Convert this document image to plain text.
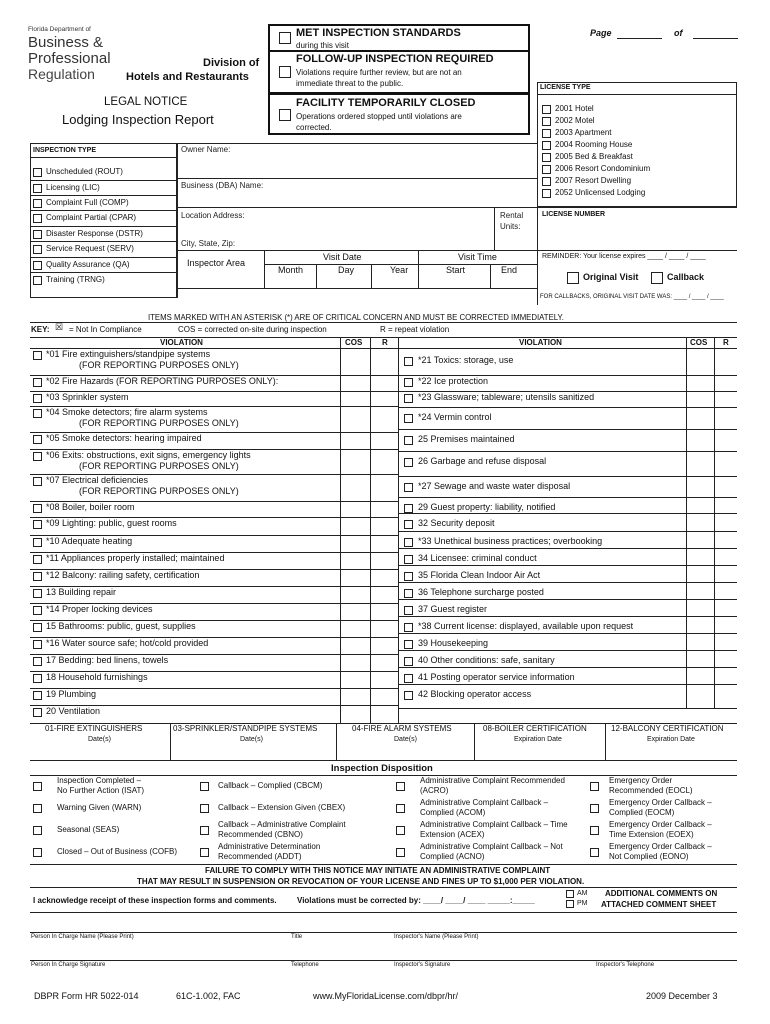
Florida Department of
Business &
Professional
Regulation
Division of
Hotels and Restaurants
LEGAL NOTICE
Lodging Inspection Report
MET INSPECTION STANDARDS
during this visit
FOLLOW-UP INSPECTION REQUIRED
Violations require further review, but are not an
immediate threat to the public.
FACILITY TEMPORARILY CLOSED
Operations ordered stopped until violations are
corrected.
Page	of
LICENSE TYPE
2001 Hotel
2002 Motel
2003 Apartment
2004 Rooming House
2005 Bed & Breakfast
2006 Resort Condominium
2007 Resort Dwelling
2052 Unlicensed Lodging
INSPECTION TYPE
Unscheduled (ROUT)
Licensing (LIC)
Complaint Full (COMP)
Complaint Partial (CPAR)
Disaster Response (DSTR)
Service Request (SERV)
Quality Assurance (QA)
Training (TRNG)
Owner Name:
Business (DBA) Name:
Location Address:	Rental
Units:
City, State, Zip:
LICENSE NUMBER
Inspector Area
Visit Date
Month	Day	Year
Visit Time
Start	End
REMINDER: Your license expires ____ / ____ / ____
Original Visit	Callback
FOR CALLBACKS, ORIGINAL VISIT DATE WAS: ____ / ____ / ____
ITEMS MARKED WITH AN ASTERISK (*) ARE OF CRITICAL CONCERN AND MUST BE CORRECTED IMMEDIATELY.
KEY: ☒ = Not In Compliance	COS = corrected on-site during inspection	R = repeat violation
VIOLATION	COS R	VIOLATION	COS R
*01 Fire extinguishers/standpipe systems
(FOR REPORTING PURPOSES ONLY)
*02 Fire Hazards (FOR REPORTING PURPOSES ONLY):
*03 Sprinkler system
*04 Smoke detectors; fire alarm systems
(FOR REPORTING PURPOSES ONLY)
*05 Smoke detectors: hearing impaired
*06 Exits: obstructions, exit signs, emergency lights
(FOR REPORTING PURPOSES ONLY)
*07 Electrical deficiencies
(FOR REPORTING PURPOSES ONLY)
*08 Boiler, boiler room
*09 Lighting: public, guest rooms
*10 Adequate heating
*11 Appliances properly installed; maintained
*12 Balcony: railing safety, certification
13 Building repair
*14 Proper locking devices
15 Bathrooms: public, guest, supplies
*16 Water source safe; hot/cold provided
17 Bedding: bed linens, towels
18 Household furnishings
19 Plumbing
20 Ventilation
*21 Toxics: storage, use
*22 Ice protection
*23 Glassware; tableware; utensils sanitized
*24 Vermin control
25 Premises maintained
26 Garbage and refuse disposal
*27 Sewage and waste water disposal
29 Guest property: liability, notified
32 Security deposit
*33 Unethical business practices; overbooking
34 Licensee: criminal conduct
35 Florida Clean Indoor Air Act
36 Telephone surcharge posted
37 Guest register
*38 Current license: displayed, available upon request
39 Housekeeping
40 Other conditions: safe, sanitary
41 Posting operator service information
42 Blocking operator access
01-FIRE EXTINGUISHERS
Date(s)
03-SPRINKLER/STANDPIPE SYSTEMS
Date(s)
04-FIRE ALARM SYSTEMS
Date(s)
08-BOILER CERTIFICATION
Expiration Date
12-BALCONY CERTIFICATION
Expiration Date
Inspection Disposition
Inspection Completed –
No Further Action (ISAT)
Warning Given (WARN)
Seasonal (SEAS)
Closed – Out of Business (COFB)
Callback – Complied (CBCM)
Callback – Extension Given (CBEX)
Callback – Administrative Complaint
Recommended (CBNO)
Administrative Determination
Recommended (ADDT)
Administrative Complaint Recommended
(ACRO)
Administrative Complaint Callback –
Complied (ACOM)
Administrative Complaint Callback – Time
Extension (ACEX)
Administrative Complaint Callback – Not
Complied (ACNO)
Emergency Order
Recommended (EOCL)
Emergency Order Callback –
Complied (EOCM)
Emergency Order Callback –
Time Extension (EOEX)
Emergency Order Callback –
Not Complied (EONO)
FAILURE TO COMPLY WITH THIS NOTICE MAY INITIATE AN ADMINISTRATIVE COMPLAINT
THAT MAY RESULT IN SUSPENSION OR REVOCATION OF YOUR LICENSE AND FINES UP TO $1,000 PER VIOLATION.
I acknowledge receipt of these inspection forms and comments.	Violations must be corrected by: ____/ ____/ ____ _____:_____
AM
PM
ADDITIONAL COMMENTS ON
ATTACHED COMMENT SHEET
Person In Charge Name (Please Print)	Title	Inspector's Name (Please Print)
Person In Charge Signature	Telephone	Inspector's Signature	Inspector's Telephone
DBPR Form HR 5022-014	61C-1.002, FAC	www.MyFloridaLicense.com/dbpr/hr/	2009 December 3
